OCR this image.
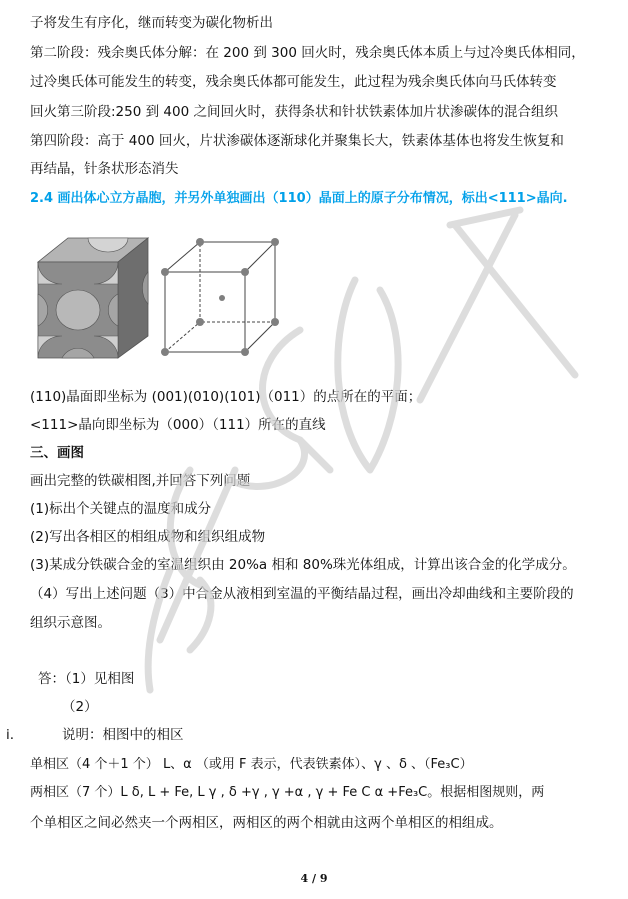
子将发生有序化，继而转变为碳化物析出
第二阶段：残余奥氏体分解：在 200 到 300 回火时，残余奥氏体本质上与过冷奥氏体相同，
过冷奥氏体可能发生的转变，残余奥氏体都可能发生，此过程为残余奥氏体向马氏体转变
回火第三阶段:250 到 400 之间回火时，获得条状和针状铁素体加片状渗碳体的混合组织
第四阶段：高于 400 回火，片状渗碳体逐渐球化并聚集长大，铁素体基体也将发生恢复和
再结晶，针条状形态消失
2.4 画出体心立方晶胞，并另外单独画出（110）晶面上的原子分布情况，标出<111>晶向.
(110)晶面即坐标为 (001)(010)(101)（011）的点所在的平面；
<111>晶向即坐标为（000）（111）所在的直线
三、画图
画出完整的铁碳相图,并回答下列问题
(1)标出个关键点的温度和成分
(2)写出各相区的相组成物和组织组成物
(3)某成分铁碳合金的室温组织由 20%a 相和 80%珠光体组成，计算出该合金的化学成分。
（4）写出上述问题（3）中合金从液相到室温的平衡结晶过程，画出冷却曲线和主要阶段的
组织示意图。
答：（1）见相图
（2）
i.	说明：相图中的相区
单相区（4 个＋1 个） L、α （或用 F 表示，代表铁素体）、γ 、δ 、（Fe₃C）
两相区（7 个）L δ, L + Fe, L γ , δ +γ , γ +α , γ + Fe C α +Fe₃C。根据相图规则，两
个单相区之间必然夹一个两相区，两相区的两个相就由这两个单相区的相组成。
4 / 9
